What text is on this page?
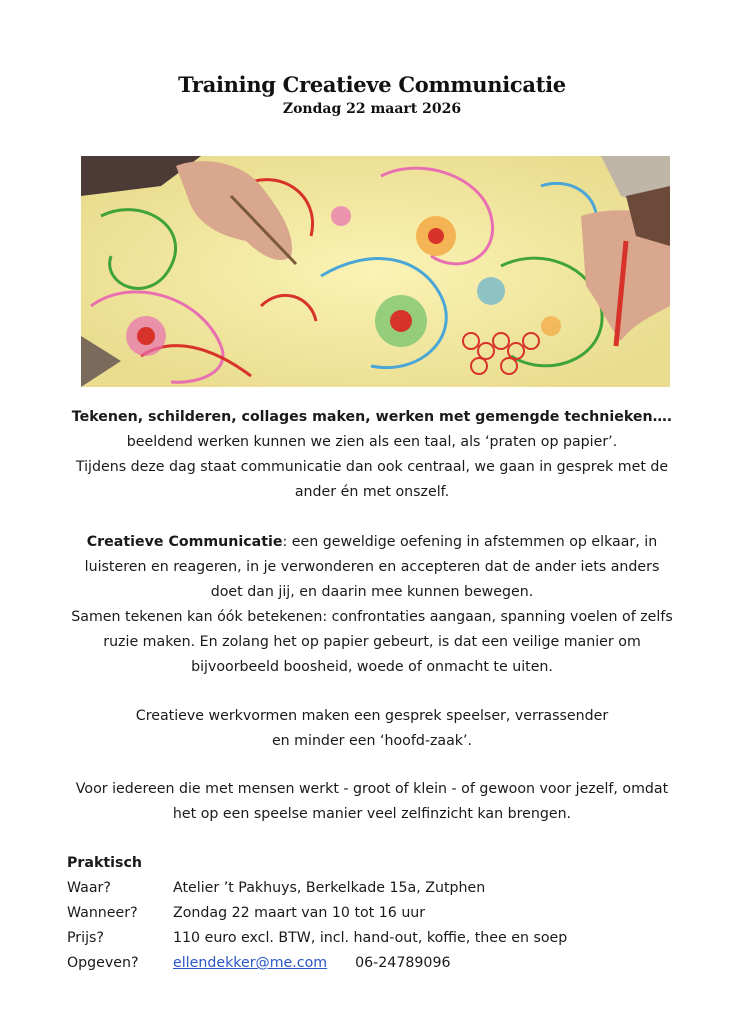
Training Creatieve Communicatie
Zondag 22 maart 2026
Tekenen, schilderen, collages maken, werken met gemengde technieken….
beeldend werken kunnen we zien als een taal, als ‘praten op papier’.
Tijdens deze dag staat communicatie dan ook centraal, we gaan in gesprek met de
ander én met onszelf.
Creatieve Communicatie: een geweldige oefening in afstemmen op elkaar, in
luisteren en reageren, in je verwonderen en accepteren dat de ander iets anders
doet dan jij, en daarin mee kunnen bewegen.
Samen tekenen kan óók betekenen: confrontaties aangaan, spanning voelen of zelfs
ruzie maken. En zolang het op papier gebeurt, is dat een veilige manier om
bijvoorbeeld boosheid, woede of onmacht te uiten.
Creatieve werkvormen maken een gesprek speelser, verrassender
en minder een ‘hoofd-zaak’.
Voor iedereen die met mensen werkt - groot of klein - of gewoon voor jezelf, omdat
het op een speelse manier veel zelfinzicht kan brengen.
Praktisch
Waar?	Atelier ’t Pakhuys, Berkelkade 15a, Zutphen
Wanneer? Zondag 22 maart van 10 tot 16 uur
Prijs?	110 euro excl. BTW, incl. hand-out, koffie, thee en soep
Opgeven? ellendekker@me.com 06-24789096
